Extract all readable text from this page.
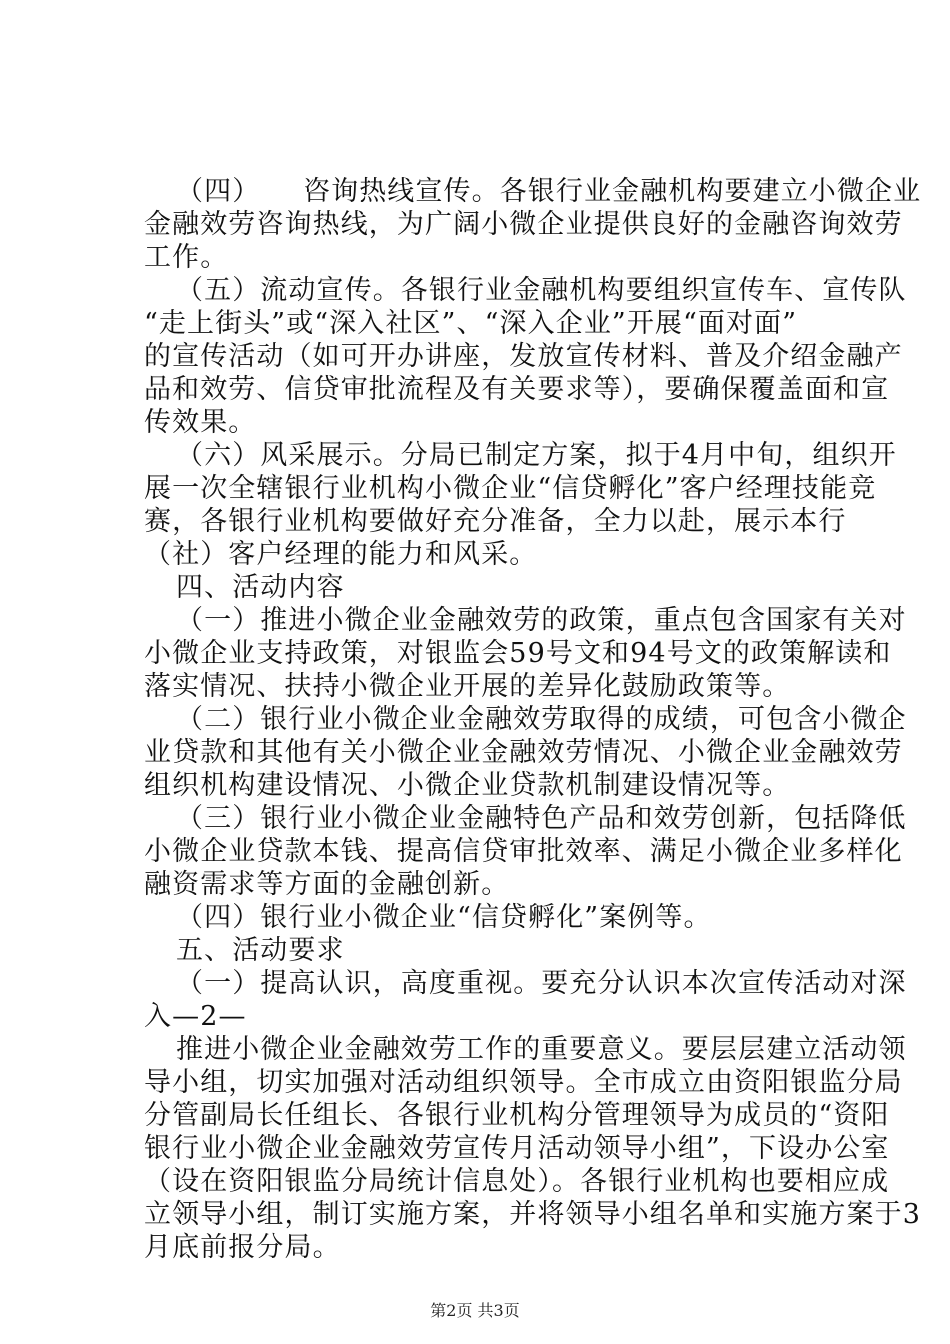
（四）　　咨询热线宣传。各银行业金融机构要建立小微企业
金融效劳咨询热线，为广阔小微企业提供良好的金融咨询效劳
工作。
（五）流动宣传。各银行业金融机构要组织宣传车、宣传队
“走上街头”或“深入社区”、“深入企业”开展“面对面”
的宣传活动（如可开办讲座，发放宣传材料、普及介绍金融产
品和效劳、信贷审批流程及有关要求等），要确保覆盖面和宣
传效果。
（六）风采展示。分局已制定方案，拟于4月中旬，组织开
展一次全辖银行业机构小微企业“信贷孵化”客户经理技能竞
赛，各银行业机构要做好充分准备，全力以赴，展示本行
（社）客户经理的能力和风采。
四、活动内容
（一）推进小微企业金融效劳的政策，重点包含国家有关对
小微企业支持政策，对银监会59号文和94号文的政策解读和
落实情况、扶持小微企业开展的差异化鼓励政策等。
（二）银行业小微企业金融效劳取得的成绩，可包含小微企
业贷款和其他有关小微企业金融效劳情况、小微企业金融效劳
组织机构建设情况、小微企业贷款机制建设情况等。
（三）银行业小微企业金融特色产品和效劳创新，包括降低
小微企业贷款本钱、提高信贷审批效率、满足小微企业多样化
融资需求等方面的金融创新。
（四）银行业小微企业“信贷孵化”案例等。
五、活动要求
（一）提高认识，高度重视。要充分认识本次宣传活动对深
入—2—
推进小微企业金融效劳工作的重要意义。要层层建立活动领
导小组，切实加强对活动组织领导。全市成立由资阳银监分局
分管副局长任组长、各银行业机构分管理领导为成员的“资阳
银行业小微企业金融效劳宣传月活动领导小组”，下设办公室
（设在资阳银监分局统计信息处）。各银行业机构也要相应成
立领导小组，制订实施方案，并将领导小组名单和实施方案于3
月底前报分局。
第2页 共3页
